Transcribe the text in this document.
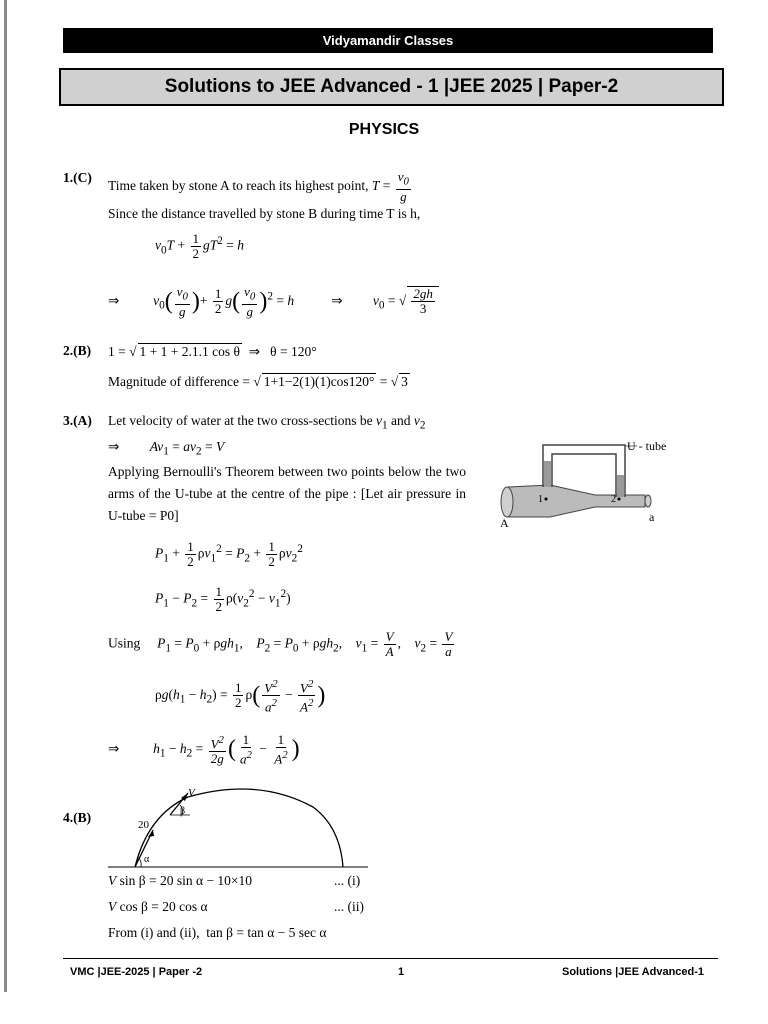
Vidyamandir Classes
Solutions to JEE Advanced - 1 |JEE 2025 | Paper-2
PHYSICS
1.(C)
Time taken by stone A to reach its highest point, $T = \frac{v_0}{g}$
Since the distance travelled by stone B during time T is h,
$v_0T + \frac{1}{2} gT^2 = h$
⇒          $v_0( \frac{v_0}{g}$ )+ $\frac{1}{2} g( \frac{v_0}{g} )^2 = h$           ⇒         $v_0$ = √ $\frac{2gh}{3}$
2.(B) 1 = √ 1 + 1 + 2.1.1 cos θ  ⇒   θ = 120°
Magnitude of difference = √ 1+1−2(1)(1)cos120° = √ 3
3.(A) Let velocity of water at the two cross-sections be $v_1$ and $v_2$
⇒         $Av_1 = av_2 = V$
Applying Bernoulli's Theorem between two points below the two arms of the U-tube at the centre of the pipe : [Let air pressure in U-tube = P0]
$P_1 + \frac{1}{2} \rho v_1^2 = P_2 + \frac{1}{2} \rho v_2^2$
$P_1 - P_2 = \frac{1}{2} \rho(v_2^2 - v_1^2)$
Using $P_1 = P_0 + \rho gh_1$,    $P_2 = P_0 + \rho gh_2$,    $v_1 = \frac{V}{A}$ ,    $v_2 = \frac{V}{a}$
$\rho g(h_1 - h_2) = \frac{1}{2} \rho( \frac{V^2}{a^2} - \frac{V^2}{A^2}$ )
⇒          $h_1 - h_2 = \frac{V^2}{2g}$ ( $\frac{1}{a^2} - \frac{1}{A^2}$ )
U - tube
A	a
1	2
4.(B)	20
V
β
α
V sin β = 20 sin α − 10×10	... (i)
V cos β = 20 cos α	... (ii)
From (i) and (ii),  tan β = tan α − 5 sec α
VMC |JEE-2025 | Paper -2	1	Solutions |JEE Advanced-1
